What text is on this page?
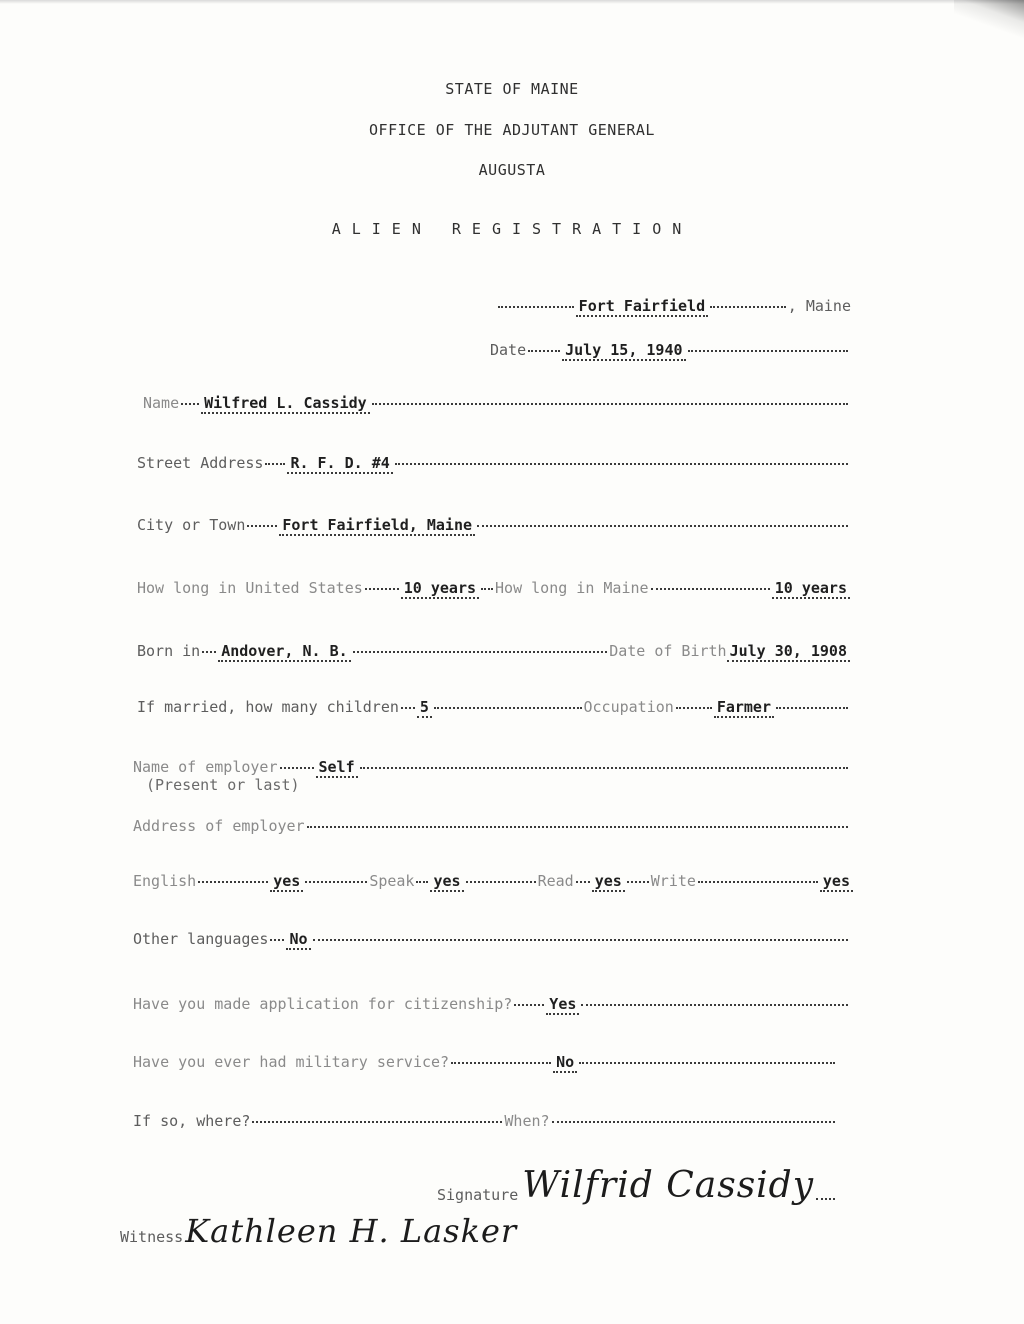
STATE OF MAINE
OFFICE OF THE ADJUTANT GENERAL
AUGUSTA
ALIEN REGISTRATION
Fort Fairfield	, Maine
Date	July 15, 1940
Name Wilfred L. Cassidy
Street Address R. F. D. #4
City or Town Fort Fairfield, Maine
How long in United States	10 years How long in Maine	10 years
Born in Andover, N. B.	Date of Birth July 30, 1908
If married, how many children 5	Occupation	Farmer
Name of employer	Self
(Present or last)
Address of employer
English	yes	Speak yes	Read yes Write	yes
Other languages No
Have you made application for citizenship? Yes
Have you ever had military service?	No
If so, where?	When?
Signature Wilfrid Cassidy
Witness Kathleen H. Lasker
